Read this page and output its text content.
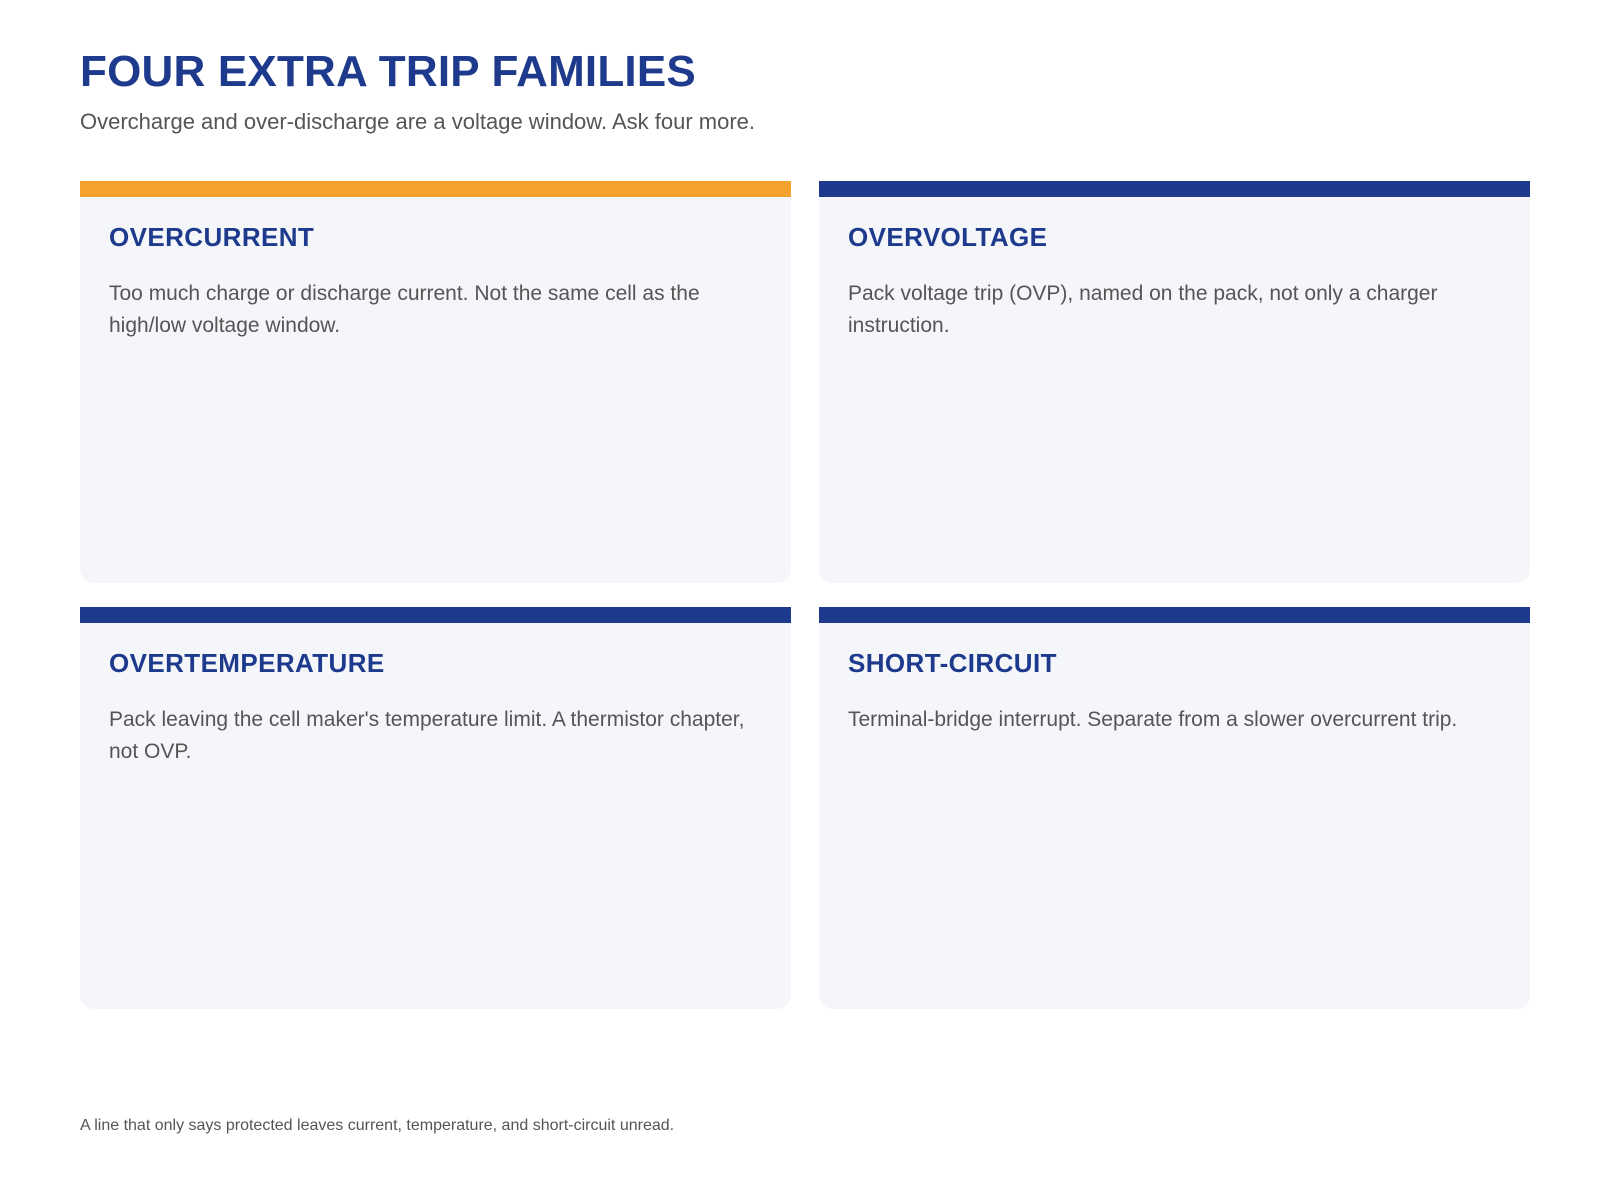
FOUR EXTRA TRIP FAMILIES

Overcharge and over-discharge are a voltage window. Ask four more.

OVERCURRENT

Too much charge or discharge current. Not the same cell as the high/low voltage window.

OVERVOLTAGE

Pack voltage trip (OVP), named on the pack, not only a charger instruction.

OVERTEMPERATURE

Pack leaving the cell maker's temperature limit. A thermistor chapter, not OVP.

SHORT-CIRCUIT

Terminal-bridge interrupt. Separate from a slower overcurrent trip.

A line that only says protected leaves current, temperature, and short-circuit unread.
